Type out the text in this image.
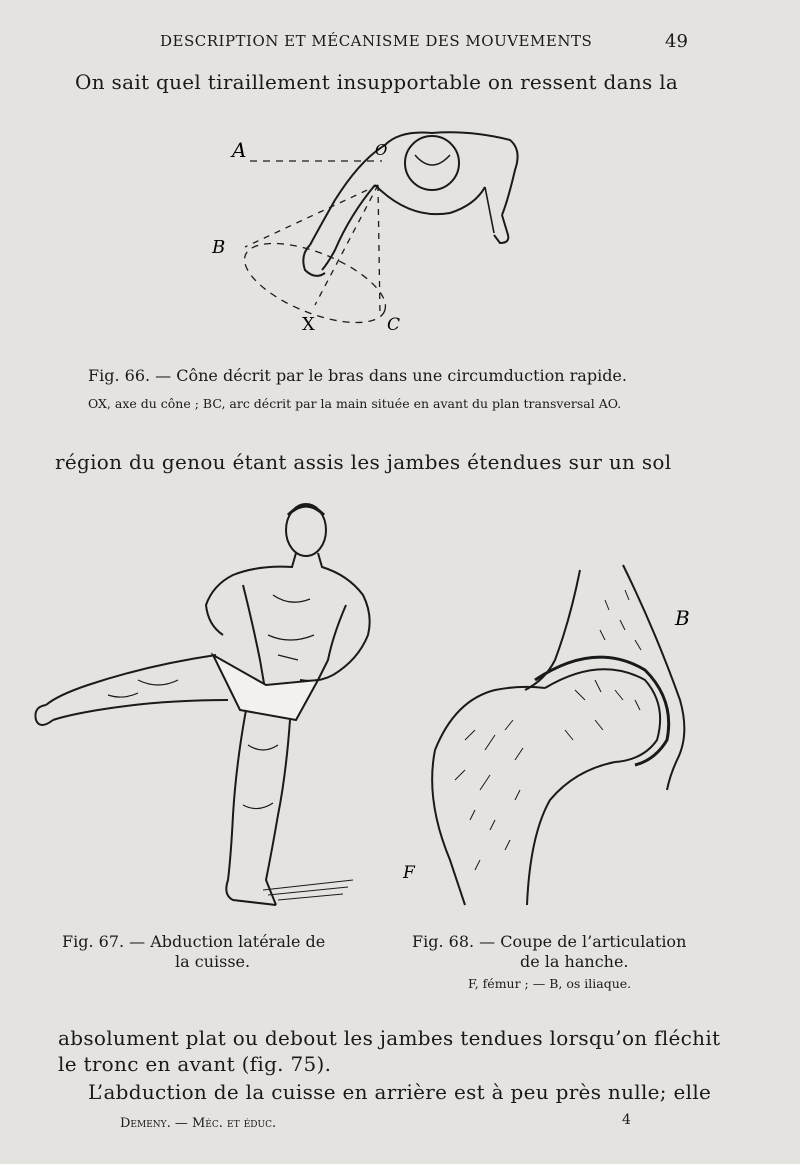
DESCRIPTION ET MÉCANISME DES MOUVEMENTS	49
On sait quel tiraillement insupportable on ressent dans la
A	O
B
X	C
Fig. 66. — Cône décrit par le bras dans une circumduction rapide.
OX, axe du cône ; BC, arc décrit par la main située en avant du plan transversal AO.
région du genou étant assis les jambes étendues sur un sol
B
F
Fig. 67. — Abduction latérale de
la cuisse.
Fig. 68. — Coupe de l’articulation
de la hanche.
F, fémur ; — B, os iliaque.
absolument plat ou debout les jambes tendues lorsqu’on fléchit
le tronc en avant (fig. 75).
L’abduction de la cuisse en arrière est à peu près nulle; elle
Demeny. — Méc. et éduc.	4
